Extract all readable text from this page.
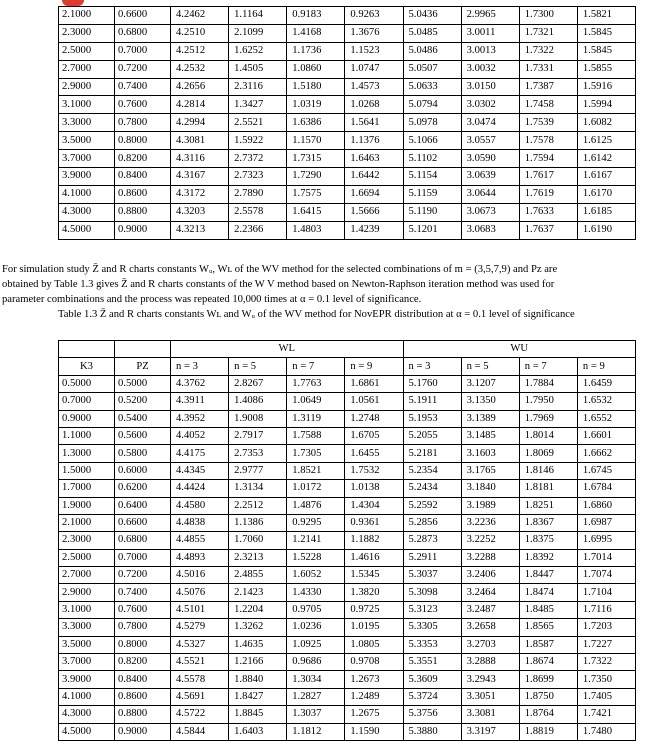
2.1000	0.6600	4.2462	1.1164	0.9183	0.9263	5.0436	2.9965	1.7300	1.5821
2.3000	0.6800	4.2510	2.1099	1.4168	1.3676	5.0485	3.0011	1.7321	1.5845
2.5000	0.7000	4.2512	1.6252	1.1736	1.1523	5.0486	3.0013	1.7322	1.5845
2.7000	0.7200	4.2532	1.4505	1.0860	1.0747	5.0507	3.0032	1.7331	1.5855
2.9000	0.7400	4.2656	2.3116	1.5180	1.4573	5.0633	3.0150	1.7387	1.5916
3.1000	0.7600	4.2814	1.3427	1.0319	1.0268	5.0794	3.0302	1.7458	1.5994
3.3000	0.7800	4.2994	2.5521	1.6386	1.5641	5.0978	3.0474	1.7539	1.6082
3.5000	0.8000	4.3081	1.5922	1.1570	1.1376	5.1066	3.0557	1.7578	1.6125
3.7000	0.8200	4.3116	2.7372	1.7315	1.6463	5.1102	3.0590	1.7594	1.6142
3.9000	0.8400	4.3167	2.7323	1.7290	1.6442	5.1154	3.0639	1.7617	1.6167
4.1000	0.8600	4.3172	2.7890	1.7575	1.6694	5.1159	3.0644	1.7619	1.6170
4.3000	0.8800	4.3203	2.5578	1.6415	1.5666	5.1190	3.0673	1.7633	1.6185
4.5000	0.9000	4.3213	2.2366	1.4803	1.4239	5.1201	3.0683	1.7637	1.6190

For simulation study Z̄ and R charts constants Wᵤ, Wʟ of the WV method for the selected combinations of m = (3,5,7,9) and Pᴢ are

obtained by Table 1.3 gives Z̄ and R charts constants of the W V method based on Newton-Raphson iteration method was used for

parameter combinations and the process was repeated 10,000 times at α = 0.1 level of significance.

Table 1.3 Z̄ and R charts constants Wʟ and Wᵤ of the WV method for NovEPR distribution at α = 0.1 level of significance
		WL				WU			
K3	PZ	n = 3	n = 5	n = 7	n = 9	n = 3	n = 5	n = 7	n = 9
0.5000	0.5000	4.3762	2.8267	1.7763	1.6861	5.1760	3.1207	1.7884	1.6459
0.7000	0.5200	4.3911	1.4086	1.0649	1.0561	5.1911	3.1350	1.7950	1.6532
0.9000	0.5400	4.3952	1.9008	1.3119	1.2748	5.1953	3.1389	1.7969	1.6552
1.1000	0.5600	4.4052	2.7917	1.7588	1.6705	5.2055	3.1485	1.8014	1.6601
1.3000	0.5800	4.4175	2.7353	1.7305	1.6455	5.2181	3.1603	1.8069	1.6662
1.5000	0.6000	4.4345	2.9777	1.8521	1.7532	5.2354	3.1765	1.8146	1.6745
1.7000	0.6200	4.4424	1.3134	1.0172	1.0138	5.2434	3.1840	1.8181	1.6784
1.9000	0.6400	4.4580	2.2512	1.4876	1.4304	5.2592	3.1989	1.8251	1.6860
2.1000	0.6600	4.4838	1.1386	0.9295	0.9361	5.2856	3.2236	1.8367	1.6987
2.3000	0.6800	4.4855	1.7060	1.2141	1.1882	5.2873	3.2252	1.8375	1.6995
2.5000	0.7000	4.4893	2.3213	1.5228	1.4616	5.2911	3.2288	1.8392	1.7014
2.7000	0.7200	4.5016	2.4855	1.6052	1.5345	5.3037	3.2406	1.8447	1.7074
2.9000	0.7400	4.5076	2.1423	1.4330	1.3820	5.3098	3.2464	1.8474	1.7104
3.1000	0.7600	4.5101	1.2204	0.9705	0.9725	5.3123	3.2487	1.8485	1.7116
3.3000	0.7800	4.5279	1.3262	1.0236	1.0195	5.3305	3.2658	1.8565	1.7203
3.5000	0.8000	4.5327	1.4635	1.0925	1.0805	5.3353	3.2703	1.8587	1.7227
3.7000	0.8200	4.5521	1.2166	0.9686	0.9708	5.3551	3.2888	1.8674	1.7322
3.9000	0.8400	4.5578	1.8840	1.3034	1.2673	5.3609	3.2943	1.8699	1.7350
4.1000	0.8600	4.5691	1.8427	1.2827	1.2489	5.3724	3.3051	1.8750	1.7405
4.3000	0.8800	4.5722	1.8845	1.3037	1.2675	5.3756	3.3081	1.8764	1.7421
4.5000	0.9000	4.5844	1.6403	1.1812	1.1590	5.3880	3.3197	1.8819	1.7480
